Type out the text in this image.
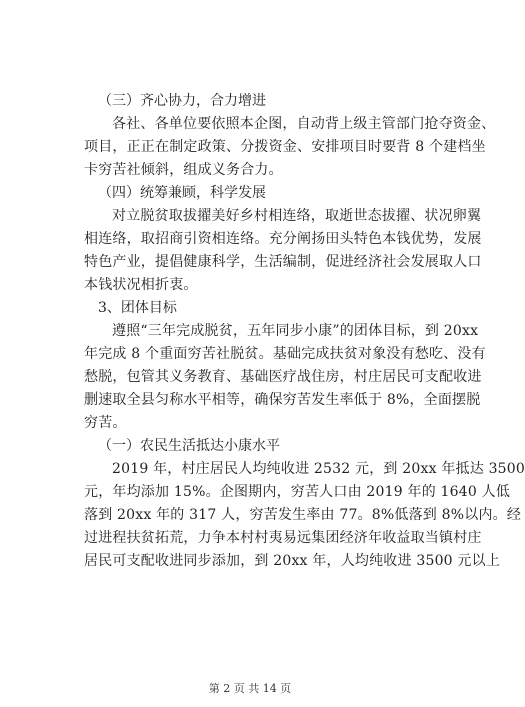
（三）齐心协力，合力增进

各社、各单位要依照本企图，自动背上级主管部门抢夺资金、
项目，正正在制定政策、分拨资金、安排项目时要背 8 个建档坐
卡穷苦社倾斜，组成义务合力。

（四）统筹兼顾，科学发展

对立脱贫取拔擢美好乡村相连络，取逝世态拔擢、状况卵翼
相连络，取招商引资相连络。充分阐扬田头特色本钱优势，发展
特色产业，提倡健康科学，生活编制，促进经济社会发展取人口
本钱状况相折衷。

3、团体目标

遵照“三年完成脱贫，五年同步小康”的团体目标，到 20xx
年完成 8 个重面穷苦社脱贫。基础完成扶贫对象没有愁吃、没有
愁脱，包管其义务教育、基础医疗战住房，村庄居民可支配收进
删速取全县匀称水平相等，确保穷苦发生率低于 8%，全面摆脱
穷苦。

（一）农民生活抵达小康水平

2019 年，村庄居民人均纯收进 2532 元，到 20xx 年抵达 3500
元，年均添加 15%。企图期内，穷苦人口由 2019 年的 1640 人低
落到 20xx 年的 317 人，穷苦发生率由 77。8%低落到 8%以内。经
过进程扶贫拓荒，力争本村村夷易远集团经济年收益取当镇村庄
居民可支配收进同步添加，到 20xx 年，人均纯收进 3500 元以上
第 2 页 共 14 页
